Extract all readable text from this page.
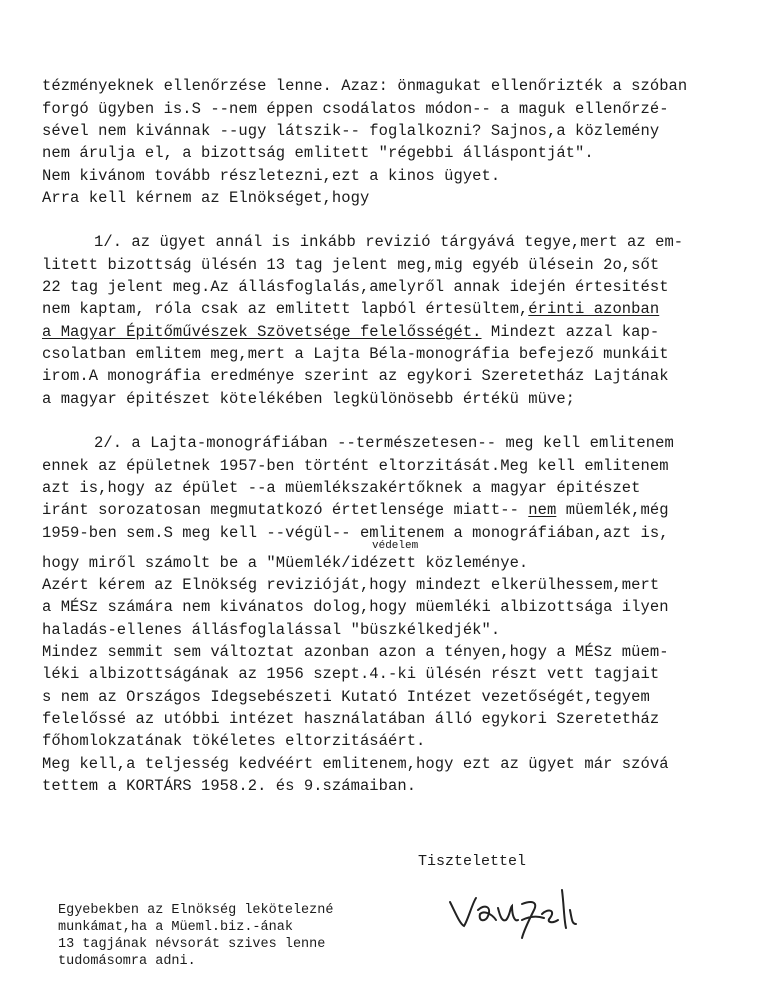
tézményeknek ellenőrzése lenne. Azaz: önmagukat ellenőrizték a szóban
forgó ügyben is.S --nem éppen csodálatos módon-- a maguk ellenőrzé-
sével nem kivánnak --ugy látszik-- foglalkozni? Sajnos,a közlemény
nem árulja el, a bizottság emlitett "régebbi álláspontját".
Nem kivánom tovább részletezni,ezt a kinos ügyet.
Arra kell kérnem az Elnökséget,hogy
1/. az ügyet annál is inkább revizió tárgyává tegye,mert az em-
litett bizottság ülésén 13 tag jelent meg,mig egyéb ülésein 2o,sőt
22 tag jelent meg.Az állásfoglalás,amelyről annak idején értesitést
nem kaptam, róla csak az emlitett lapból értesültem,érinti azonban
a Magyar Épitőművészek Szövetsége felelősségét. Mindezt azzal kap-
csolatban emlitem meg,mert a Lajta Béla-monográfia befejező munkáit
irom.A monográfia eredménye szerint az egykori Szeretetház Lajtának
a magyar épitészet kötelékében legkülönösebb értékü müve;
2/. a Lajta-monográfiában --természetesen-- meg kell emlitenem
ennek az épületnek 1957-ben történt eltorzitását.Meg kell emlitenem
azt is,hogy az épület --a müemlékszakértőknek a magyar épitészet
iránt sorozatosan megmutatkozó értetlensége miatt-- nem müemlék,még
1959-ben sem.S meg kell --végül-- emlitenem a monográfiában,azt is,
védelem
hogy miről számolt be a "Müemlék/idézett közleménye.
Azért kérem az Elnökség revizióját,hogy mindezt elkerülhessem,mert
a MÉSz számára nem kivánatos dolog,hogy müemléki albizottsága ilyen
haladás-ellenes állásfoglalással "büszkélkedjék".
Mindez semmit sem változtat azonban azon a tényen,hogy a MÉSz müem-
léki albizottságának az 1956 szept.4.-ki ülésén részt vett tagjait
s nem az Országos Idegsebészeti Kutató Intézet vezetőségét,tegyem
felelőssé az utóbbi intézet használatában álló egykori Szeretetház
főhomlokzatának tökéletes eltorzitásáért.
Meg kell,a teljesség kedvéért emlitenem,hogy ezt az ügyet már szóvá
tettem a KORTÁRS 1958.2. és 9.számaiban.
Tisztelettel
Egyebekben az Elnökség lekötelezné
munkámat,ha a Müeml.biz.-ának
13 tagjának névsorát szives lenne
tudomásomra adni.
